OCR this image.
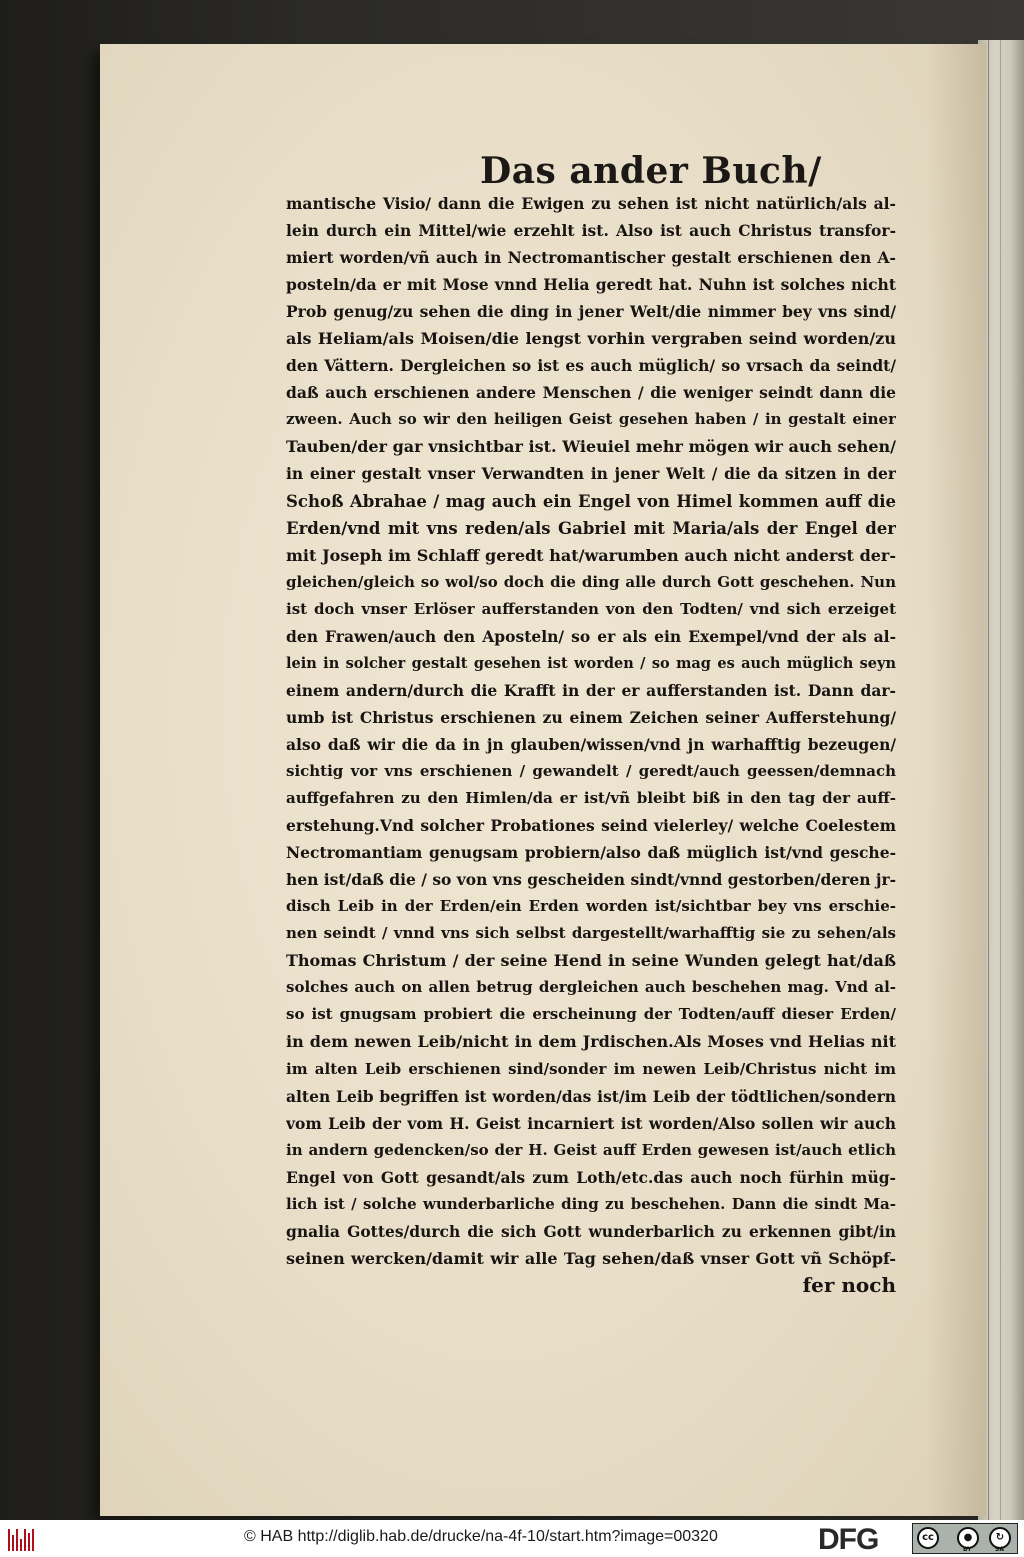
Das ander Buch/
mantische Visio/ dann die Ewigen zu sehen ist nicht natürlich/als al-
lein durch ein Mittel/wie erzehlt ist. Also ist auch Christus transfor-
miert worden/vñ auch in Nectromantischer gestalt erschienen den A-
posteln/da er mit Mose vnnd Helia geredt hat. Nuhn ist solches nicht
Prob genug/zu sehen die ding in jener Welt/die nimmer bey vns sind/
als Heliam/als Moisen/die lengst vorhin vergraben seind worden/zu
den Vättern. Dergleichen so ist es auch müglich/ so vrsach da seindt/
daß auch erschienen andere Menschen / die weniger seindt dann die
zween. Auch so wir den heiligen Geist gesehen haben / in gestalt einer
Tauben/der gar vnsichtbar ist. Wieuiel mehr mögen wir auch sehen/
in einer gestalt vnser Verwandten in jener Welt / die da sitzen in der
Schoß Abrahae / mag auch ein Engel von Himel kommen auff die
Erden/vnd mit vns reden/als Gabriel mit Maria/als der Engel der
mit Joseph im Schlaff geredt hat/warumben auch nicht anderst der-
gleichen/gleich so wol/so doch die ding alle durch Gott geschehen. Nun
ist doch vnser Erlöser aufferstanden von den Todten/ vnd sich erzeiget
den Frawen/auch den Aposteln/ so er als ein Exempel/vnd der als al-
lein in solcher gestalt gesehen ist worden / so mag es auch müglich seyn
einem andern/durch die Krafft in der er aufferstanden ist. Dann dar-
umb ist Christus erschienen zu einem Zeichen seiner Aufferstehung/
also daß wir die da in jn glauben/wissen/vnd jn warhafftig bezeugen/
sichtig vor vns erschienen / gewandelt / geredt/auch geessen/demnach
auffgefahren zu den Himlen/da er ist/vñ bleibt biß in den tag der auff-
erstehung.Vnd solcher Probationes seind vielerley/ welche Coelestem
Nectromantiam genugsam probiern/also daß müglich ist/vnd gesche-
hen ist/daß die / so von vns gescheiden sindt/vnnd gestorben/deren jr-
disch Leib in der Erden/ein Erden worden ist/sichtbar bey vns erschie-
nen seindt / vnnd vns sich selbst dargestellt/warhafftig sie zu sehen/als
Thomas Christum / der seine Hend in seine Wunden gelegt hat/daß
solches auch on allen betrug dergleichen auch beschehen mag. Vnd al-
so ist gnugsam probiert die erscheinung der Todten/auff dieser Erden/
in dem newen Leib/nicht in dem Jrdischen.Als Moses vnd Helias nit
im alten Leib erschienen sind/sonder im newen Leib/Christus nicht im
alten Leib begriffen ist worden/das ist/im Leib der tödtlichen/sondern
vom Leib der vom H. Geist incarniert ist worden/Also sollen wir auch
in andern gedencken/so der H. Geist auff Erden gewesen ist/auch etlich
Engel von Gott gesandt/als zum Loth/etc.das auch noch fürhin müg-
lich ist / solche wunderbarliche ding zu beschehen. Dann die sindt Ma-
gnalia Gottes/durch die sich Gott wunderbarlich zu erkennen gibt/in
seinen wercken/damit wir alle Tag sehen/daß vnser Gott vñ Schöpf-
fer noch
© HAB http://diglib.hab.de/drucke/na-4f-10/start.htm?image=00320	DFG	cc	●	↻
BY	SA
